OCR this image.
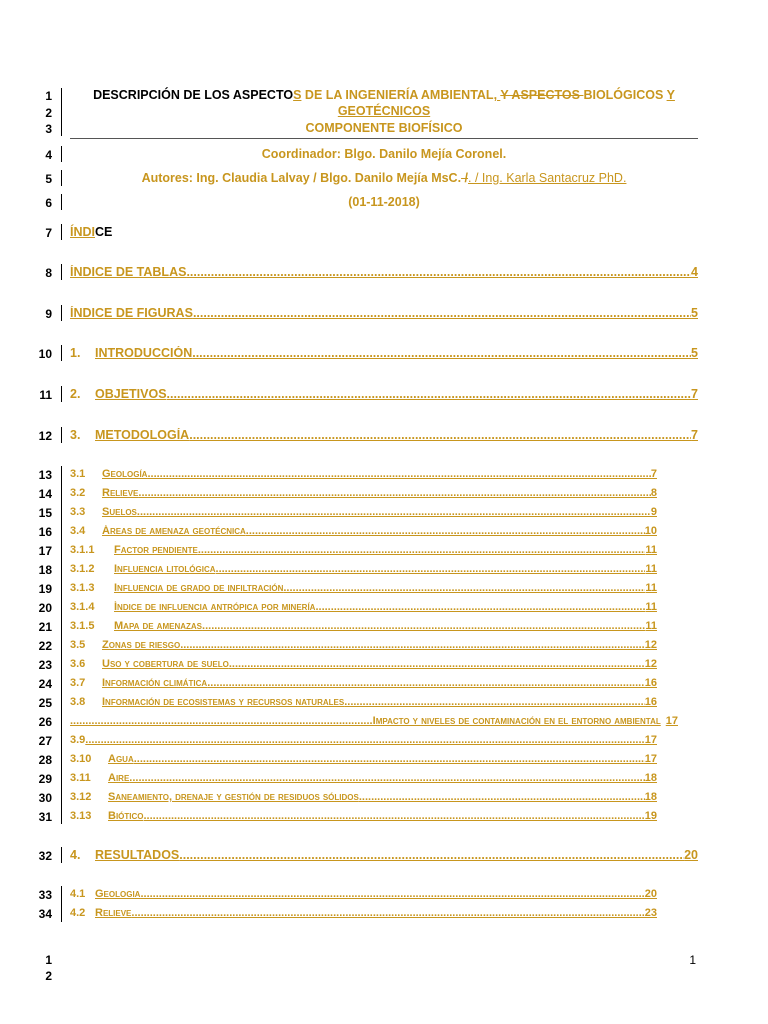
1
2
3
DESCRIPCIÓN DE LOS ASPECTOS DE LA INGENIERÍA AMBIENTAL, Y ASPECTOS BIOLÓGICOS Y
GEOTÉCNICOS
COMPONENTE BIOFÍSICO
4	Coordinador: Blgo. Danilo Mejía Coronel.
5	Autores: Ing. Claudia Lalvay / Blgo. Danilo Mejía MsC. /. / Ing. Karla Santacruz PhD.
6	(01-11-2018)
7 ÍNDICE
8 ÍNDICE DE TABLAS .....	4
9 ÍNDICE DE FIGURAS .....	5
10 1. INTRODUCCIÓN .....	5
11 2. OBJETIVOS .....	7
12 3. METODOLOGÍA .....	7
13 3.1 Geología .....	7
14 3.2 Relieve .....	8
15 3.3 Suelos .....	9
16 3.4 Áreas de amenaza geotécnica .....	10
17 3.1.1 Factor pendiente .....	11
18 3.1.2 Influencia litológica .....	11
19 3.1.3 Influencia de grado de infiltración .....	11
20 3.1.4 Índice de influencia antrópica por minería .....	11
21 3.1.5 Mapa de amenazas .....	11
22 3.5 Zonas de riesgo .....	12
23 3.6 Uso y cobertura de suelo .....	12
24 3.7 Información climática .....	16
25 3.8 Información de ecosistemas y recursos naturales .....	16
26 .....	Impacto y niveles de contaminación en el entorno ambiental 17
27 3.9 .....	17
28 3.10 Agua .....	17
29 3.11 Aire .....	18
30 3.12 Saneamiento, drenaje y gestión de residuos sólidos .....	18
31 3.13 Biótico .....	19
32 4. RESULTADOS .....	20
33 4.1 Geologia .....	20
34 4.2 Relieve .....	23
1
2
1
